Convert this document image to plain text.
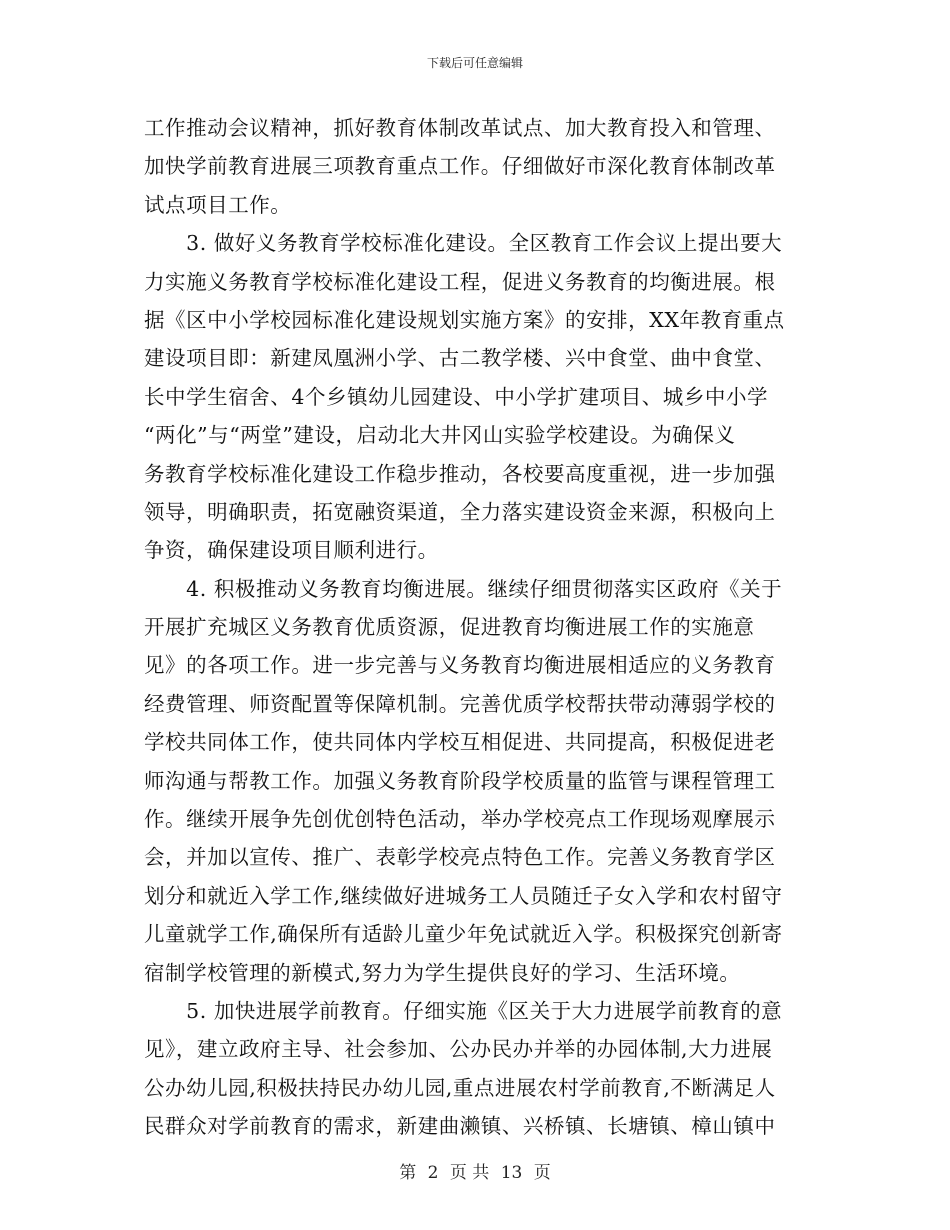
下载后可任意编辑
工作推动会议精神，抓好教育体制改革试点、加大教育投入和管理、
加快学前教育进展三项教育重点工作。仔细做好市深化教育体制改革
试点项目工作。
　　3. 做好义务教育学校标准化建设。全区教育工作会议上提出要大
力实施义务教育学校标准化建设工程，促进义务教育的均衡进展。根
据《区中小学校园标准化建设规划实施方案》的安排，XX年教育重点
建设项目即：新建凤凰洲小学、古二教学楼、兴中食堂、曲中食堂、
长中学生宿舍、4个乡镇幼儿园建设、中小学扩建项目、城乡中小学
“两化”与“两堂”建设，启动北大井冈山实验学校建设。为确保义
务教育学校标准化建设工作稳步推动，各校要高度重视，进一步加强
领导，明确职责，拓宽融资渠道，全力落实建设资金来源，积极向上
争资，确保建设项目顺利进行。
　　4. 积极推动义务教育均衡进展。继续仔细贯彻落实区政府《关于
开展扩充城区义务教育优质资源，促进教育均衡进展工作的实施意
见》的各项工作。进一步完善与义务教育均衡进展相适应的义务教育
经费管理、师资配置等保障机制。完善优质学校帮扶带动薄弱学校的
学校共同体工作，使共同体内学校互相促进、共同提高，积极促进老
师沟通与帮教工作。加强义务教育阶段学校质量的监管与课程管理工
作。继续开展争先创优创特色活动，举办学校亮点工作现场观摩展示
会，并加以宣传、推广、表彰学校亮点特色工作。完善义务教育学区
划分和就近入学工作,继续做好进城务工人员随迁子女入学和农村留守
儿童就学工作,确保所有适龄儿童少年免试就近入学。积极探究创新寄
宿制学校管理的新模式,努力为学生提供良好的学习、生活环境。
　　5. 加快进展学前教育。仔细实施《区关于大力进展学前教育的意
见》，建立政府主导、社会参加、公办民办并举的办园体制,大力进展
公办幼儿园,积极扶持民办幼儿园,重点进展农村学前教育,不断满足人
民群众对学前教育的需求，新建曲濑镇、兴桥镇、长塘镇、樟山镇中
第 2 页 共 13 页
